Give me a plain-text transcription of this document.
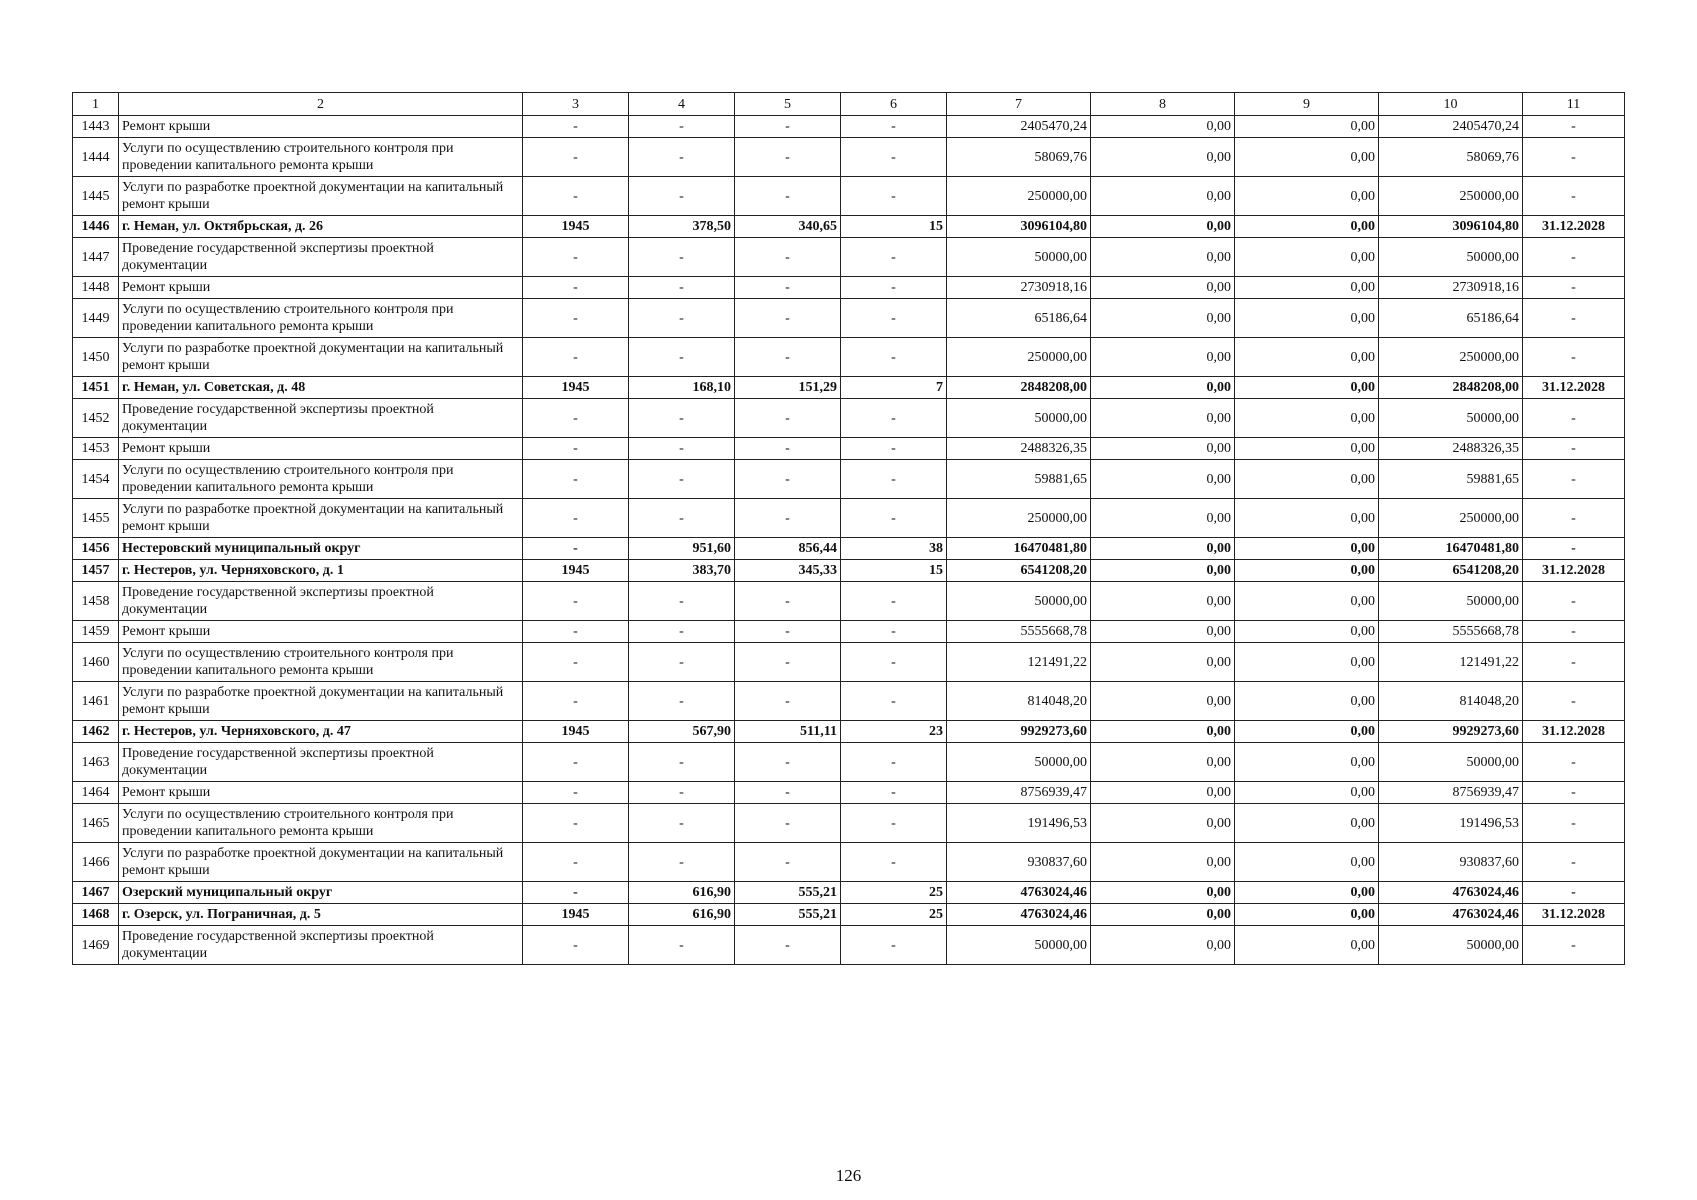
1	2	3	4	5	6	7	8	9	10	11
1443	Ремонт крыши	-	-	-	-	2405470,24	0,00	0,00	2405470,24	-
1444	Услуги по осуществлению строительного контроля при проведении капитального ремонта крыши	-	-	-	-	58069,76	0,00	0,00	58069,76	-
1445	Услуги по разработке проектной документации на капитальный ремонт крыши	-	-	-	-	250000,00	0,00	0,00	250000,00	-
1446	г. Неман, ул. Октябрьская, д. 26	1945	378,50	340,65	15	3096104,80	0,00	0,00	3096104,80	31.12.2028
1447	Проведение государственной экспертизы проектной документации	-	-	-	-	50000,00	0,00	0,00	50000,00	-
1448	Ремонт крыши	-	-	-	-	2730918,16	0,00	0,00	2730918,16	-
1449	Услуги по осуществлению строительного контроля при проведении капитального ремонта крыши	-	-	-	-	65186,64	0,00	0,00	65186,64	-
1450	Услуги по разработке проектной документации на капитальный ремонт крыши	-	-	-	-	250000,00	0,00	0,00	250000,00	-
1451	г. Неман, ул. Советская, д. 48	1945	168,10	151,29	7	2848208,00	0,00	0,00	2848208,00	31.12.2028
1452	Проведение государственной экспертизы проектной документации	-	-	-	-	50000,00	0,00	0,00	50000,00	-
1453	Ремонт крыши	-	-	-	-	2488326,35	0,00	0,00	2488326,35	-
1454	Услуги по осуществлению строительного контроля при проведении капитального ремонта крыши	-	-	-	-	59881,65	0,00	0,00	59881,65	-
1455	Услуги по разработке проектной документации на капитальный ремонт крыши	-	-	-	-	250000,00	0,00	0,00	250000,00	-
1456	Нестеровский муниципальный округ	-	951,60	856,44	38	16470481,80	0,00	0,00	16470481,80	-
1457	г. Нестеров, ул. Черняховского, д. 1	1945	383,70	345,33	15	6541208,20	0,00	0,00	6541208,20	31.12.2028
1458	Проведение государственной экспертизы проектной документации	-	-	-	-	50000,00	0,00	0,00	50000,00	-
1459	Ремонт крыши	-	-	-	-	5555668,78	0,00	0,00	5555668,78	-
1460	Услуги по осуществлению строительного контроля при проведении капитального ремонта крыши	-	-	-	-	121491,22	0,00	0,00	121491,22	-
1461	Услуги по разработке проектной документации на капитальный ремонт крыши	-	-	-	-	814048,20	0,00	0,00	814048,20	-
1462	г. Нестеров, ул. Черняховского, д. 47	1945	567,90	511,11	23	9929273,60	0,00	0,00	9929273,60	31.12.2028
1463	Проведение государственной экспертизы проектной документации	-	-	-	-	50000,00	0,00	0,00	50000,00	-
1464	Ремонт крыши	-	-	-	-	8756939,47	0,00	0,00	8756939,47	-
1465	Услуги по осуществлению строительного контроля при проведении капитального ремонта крыши	-	-	-	-	191496,53	0,00	0,00	191496,53	-
1466	Услуги по разработке проектной документации на капитальный ремонт крыши	-	-	-	-	930837,60	0,00	0,00	930837,60	-
1467	Озерский муниципальный округ	-	616,90	555,21	25	4763024,46	0,00	0,00	4763024,46	-
1468	г. Озерск, ул. Пограничная, д. 5	1945	616,90	555,21	25	4763024,46	0,00	0,00	4763024,46	31.12.2028
1469	Проведение государственной экспертизы проектной документации	-	-	-	-	50000,00	0,00	0,00	50000,00	-
126
